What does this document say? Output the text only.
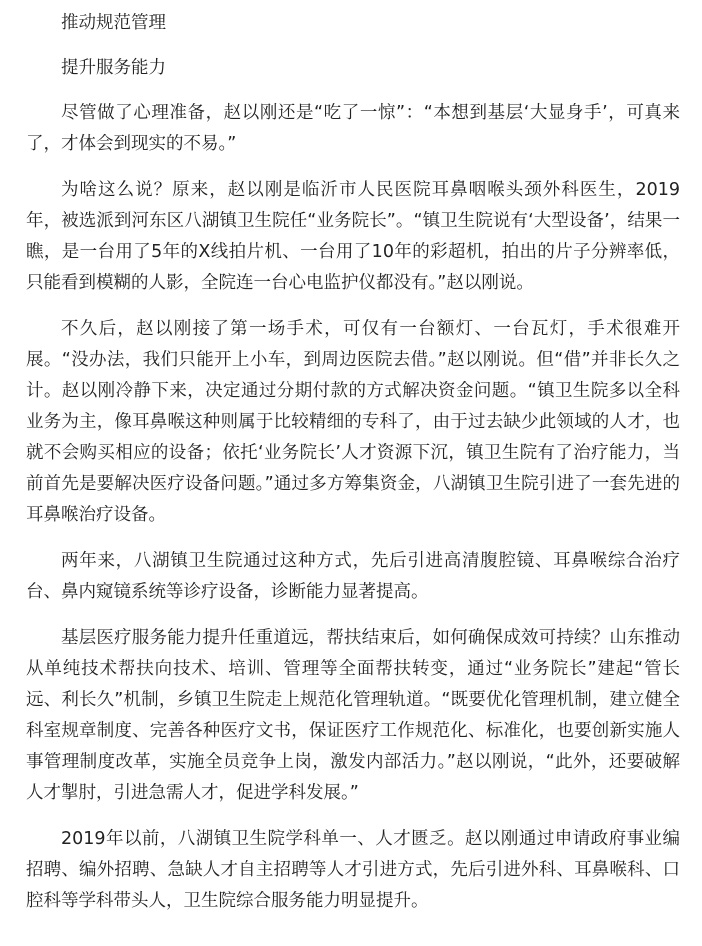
推动规范管理
提升服务能力

尽管做了心理准备，赵以刚还是“吃了一惊”：“本想到基层‘大显身手’，可真来了，才体会到现实的不易。”

为啥这么说？原来，赵以刚是临沂市人民医院耳鼻咽喉头颈外科医生，2019年，被选派到河东区八湖镇卫生院任“业务院长”。“镇卫生院说有‘大型设备’，结果一瞧，是一台用了5年的X线拍片机、一台用了10年的彩超机，拍出的片子分辨率低，只能看到模糊的人影，全院连一台心电监护仪都没有。”赵以刚说。

不久后，赵以刚接了第一场手术，可仅有一台额灯、一台瓦灯，手术很难开展。“没办法，我们只能开上小车，到周边医院去借。”赵以刚说。但“借”并非长久之计。赵以刚冷静下来，决定通过分期付款的方式解决资金问题。“镇卫生院多以全科业务为主，像耳鼻喉这种则属于比较精细的专科了，由于过去缺少此领域的人才，也就不会购买相应的设备；依托‘业务院长’人才资源下沉，镇卫生院有了治疗能力，当前首先是要解决医疗设备问题。”通过多方筹集资金，八湖镇卫生院引进了一套先进的耳鼻喉治疗设备。

两年来，八湖镇卫生院通过这种方式，先后引进高清腹腔镜、耳鼻喉综合治疗台、鼻内窥镜系统等诊疗设备，诊断能力显著提高。

基层医疗服务能力提升任重道远，帮扶结束后，如何确保成效可持续？山东推动从单纯技术帮扶向技术、培训、管理等全面帮扶转变，通过“业务院长”建起“管长远、利长久”机制，乡镇卫生院走上规范化管理轨道。“既要优化管理机制，建立健全科室规章制度、完善各种医疗文书，保证医疗工作规范化、标准化，也要创新实施人事管理制度改革，实施全员竞争上岗，激发内部活力。”赵以刚说，“此外，还要破解人才掣肘，引进急需人才，促进学科发展。”

2019年以前，八湖镇卫生院学科单一、人才匮乏。赵以刚通过申请政府事业编招聘、编外招聘、急缺人才自主招聘等人才引进方式，先后引进外科、耳鼻喉科、口腔科等学科带头人，卫生院综合服务能力明显提升。
